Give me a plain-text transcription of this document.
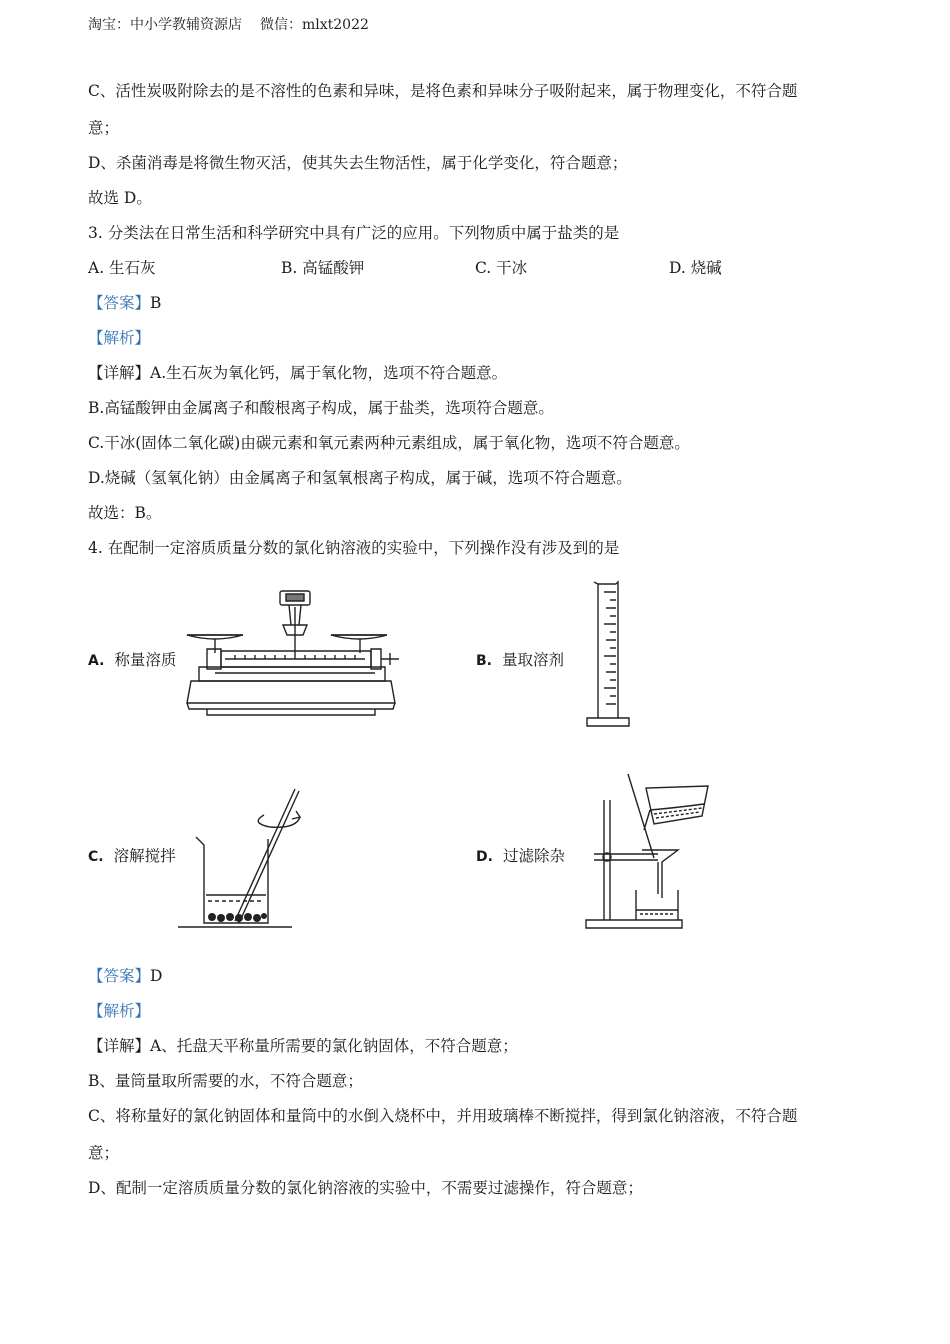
淘宝：中小学教辅资源店 微信：mlxt2022
C、活性炭吸附除去的是不溶性的色素和异味，是将色素和异味分子吸附起来，属于物理变化，不符合题
意；
D、杀菌消毒是将微生物灭活，使其失去生物活性，属于化学变化，符合题意；
故选 D。
3. 分类法在日常生活和科学研究中具有广泛的应用。下列物质中属于盐类的是
A. 生石灰	B. 高锰酸钾	C. 干冰	D. 烧碱
【答案】B
【解析】
【详解】A.生石灰为氧化钙，属于氧化物，选项不符合题意。
B.高锰酸钾由金属离子和酸根离子构成，属于盐类，选项符合题意。
C.干冰(固体二氧化碳)由碳元素和氧元素两种元素组成，属于氧化物，选项不符合题意。
D.烧碱（氢氧化钠）由金属离子和氢氧根离子构成，属于碱，选项不符合题意。
故选：B。
4. 在配制一定溶质质量分数的氯化钠溶液的实验中，下列操作没有涉及到的是
A. 称量溶质	B. 量取溶剂
C. 溶解搅拌	D. 过滤除杂
【答案】D
【解析】
【详解】A、托盘天平称量所需要的氯化钠固体，不符合题意；
B、量筒量取所需要的水，不符合题意；
C、将称量好的氯化钠固体和量筒中的水倒入烧杯中，并用玻璃棒不断搅拌，得到氯化钠溶液，不符合题
意；
D、配制一定溶质质量分数的氯化钠溶液的实验中，不需要过滤操作，符合题意；
